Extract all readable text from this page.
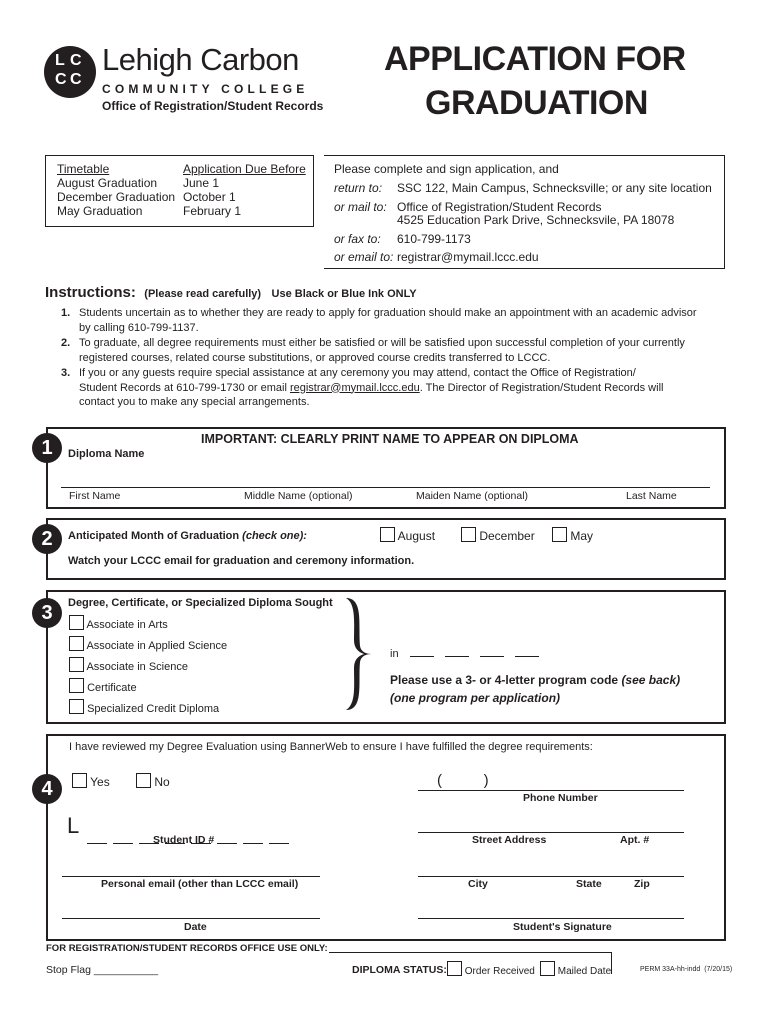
L C
C C
Lehigh Carbon
COMMUNITY COLLEGE
Office of Registration/Student Records
APPLICATION FOR
GRADUATION
Timetable	Application Due Before
August Graduation June 1
December Graduation October 1
May Graduation	February 1
Please complete and sign application, and
return to: SSC 122, Main Campus, Schnecksville; or any site location
or mail to: Office of Registration/Student Records
4525 Education Park Drive, Schnecksvile, PA 18078
or fax to: 610-799-1173
or email to: registrar@mymail.lccc.edu
Instructions: (Please read carefully) Use Black or Blue Ink ONLY
1. Students uncertain as to whether they are ready to apply for graduation should make an appointment with an academic advisor
by calling 610-799-1137.
2. To graduate, all degree requirements must either be satisfied or will be satisfied upon successful completion of your currently
registered courses, related course substitutions, or approved course credits transferred to LCCC.
3. If you or any guests require special assistance at any ceremony you may attend, contact the Office of Registration/
Student Records at 610-799-1730 or email registrar@mymail.lccc.edu. The Director of Registration/Student Records will
contact you to make any special arrangements.
1	IMPORTANT: CLEARLY PRINT NAME TO APPEAR ON DIPLOMA
Diploma Name
First Name	Middle Name (optional)	Maiden Name (optional)	Last Name
2	Anticipated Month of Graduation (check one):	August	December	May
Watch your LCCC email for graduation and ceremony information.
3	Degree, Certificate, or Specialized Diploma Sought
Associate in Arts
Associate in Applied Science
Associate in Science
Certificate
Specialized Credit Diploma
in
Please use a 3- or 4-letter program code (see back)
(one program per application)
4
I have reviewed my Degree Evaluation using BannerWeb to ensure I have fulfilled the degree requirements:
Yes	No	(          )
Phone Number
L
Student ID #	Street Address	Apt. #
Personal email (other than LCCC email)	City	State	Zip
Date	Student's Signature
FOR REGISTRATION/STUDENT RECORDS OFFICE USE ONLY:
Stop Flag ___________	DIPLOMA STATUS:	Order Received	Mailed Date	PERM 33A-hh-indd  (7/20/15)
